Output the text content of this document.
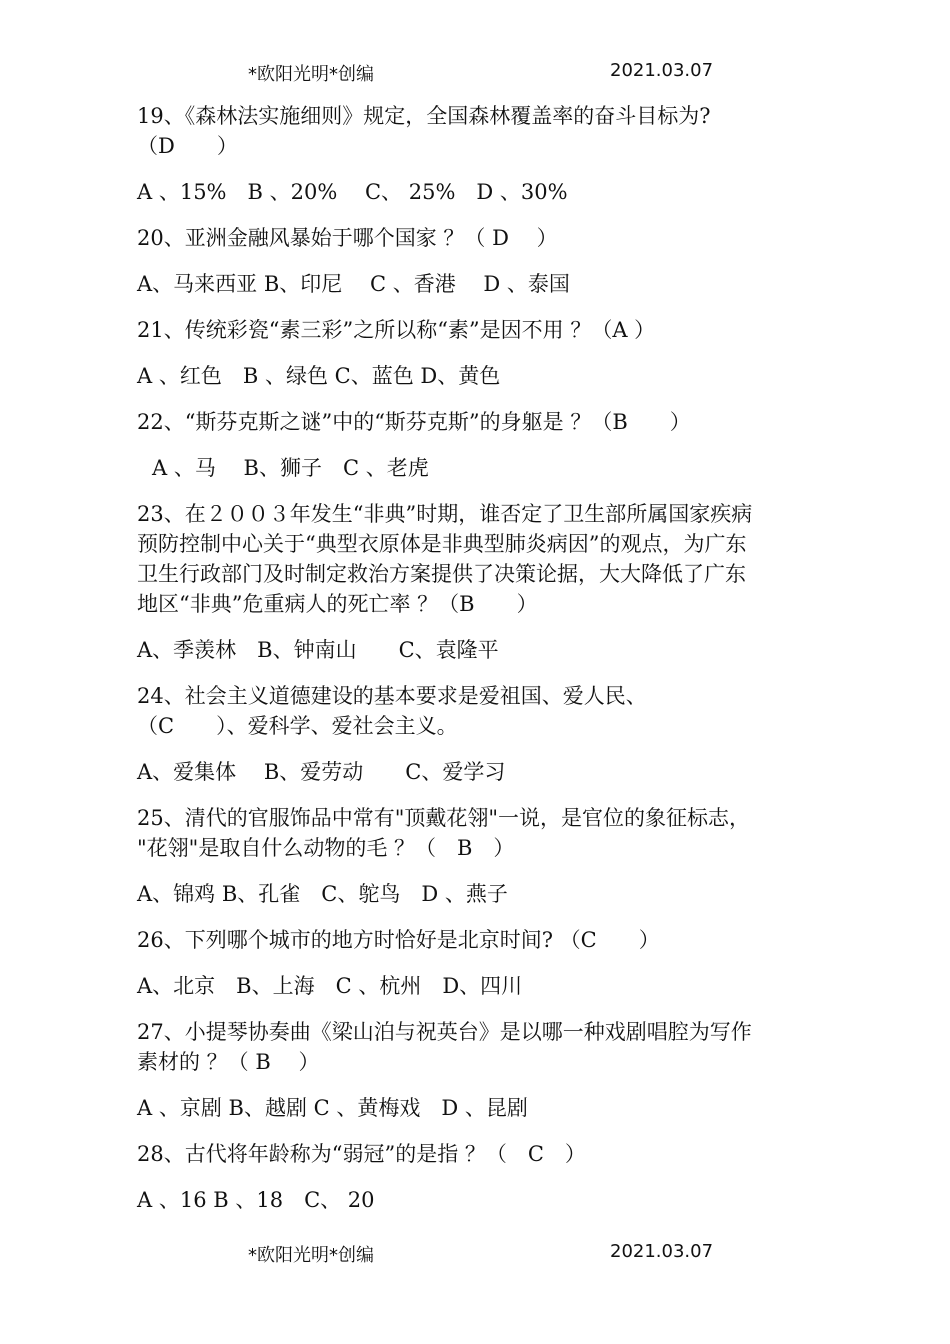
*欧阳光明*创编	2021.03.07
19、《森林法实施细则》规定，全国森林覆盖率的奋斗目标为?
（D　　）
A 、15%　B 、20%　 C、 25%　D 、30%
20、亚洲金融风暴始于哪个国家 ？（ D　 ）
A、马来西亚 B、印尼　 C 、香港　 D 、泰国
21、传统彩瓷“素三彩”之所以称“素”是因不用 ？（A ）
A 、红色　B 、绿色 C、蓝色 D、黄色
22、“斯芬克斯之谜”中的“斯芬克斯”的身躯是 ？（B　　）
A 、马　 B、狮子　C 、老虎
23、在２００３年发生“非典”时期，谁否定了卫生部所属国家疾病
预防控制中心关于“典型衣原体是非典型肺炎病因”的观点，为广东
卫生行政部门及时制定救治方案提供了决策论据，大大降低了广东
地区“非典”危重病人的死亡率 ？（B　　）
A、季羡林　B、钟南山　　C、袁隆平
24、社会主义道德建设的基本要求是爱祖国、爱人民、
（C　　）、爱科学、爱社会主义。
A、爱集体　 B、爱劳动　　C、爱学习
25、清代的官服饰品中常有"顶戴花翎"一说，是官位的象征标志，
"花翎"是取自什么动物的毛 ？（　B　）
A、锦鸡 B、孔雀　C、鸵鸟　D 、燕子
26、下列哪个城市的地方时恰好是北京时间? （C　　）
A、北京　B、上海　C 、杭州　D、四川
27、小提琴协奏曲《梁山泊与祝英台》是以哪一种戏剧唱腔为写作
素材的 ？（ B　 ）
A 、京剧 B、越剧 C 、黄梅戏　D 、昆剧
28、古代将年龄称为“弱冠”的是指 ？（　C　）
A 、16 B 、18　C、 20
*欧阳光明*创编	2021.03.07
